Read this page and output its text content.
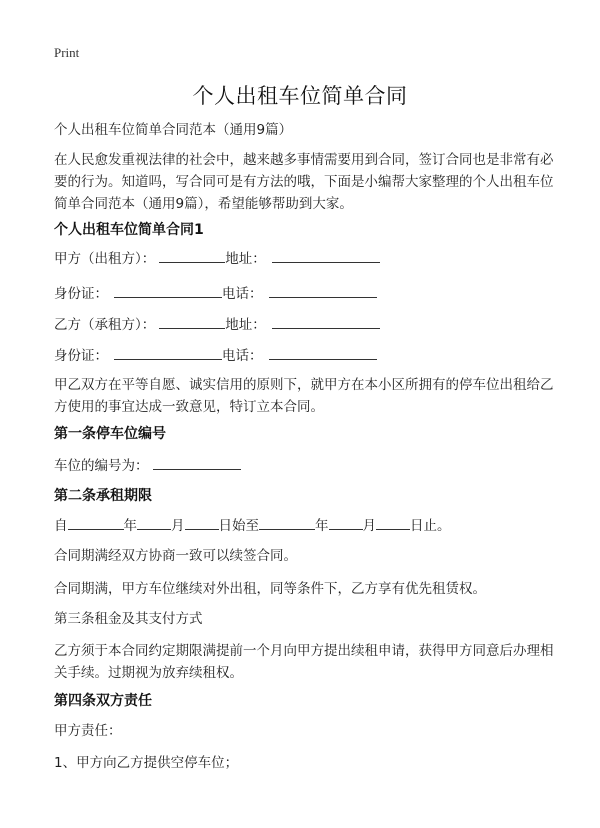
Print
个人出租车位简单合同
个人出租车位简单合同范本（通用9篇）
在人民愈发重视法律的社会中，越来越多事情需要用到合同，签订合同也是非常有必要的行为。知道吗，写合同可是有方法的哦，下面是小编帮大家整理的个人出租车位简单合同范本（通用9篇），希望能够帮助到大家。
个人出租车位简单合同1
甲方（出租方）：	地址：
身份证：	电话：
乙方（承租方）：	地址：
身份证：	电话：
甲乙双方在平等自愿、诚实信用的原则下，就甲方在本小区所拥有的停车位出租给乙方使用的事宜达成一致意见，特订立本合同。
第一条停车位编号
车位的编号为：
第二条承租期限
自	年	月	日始至	年	月	日止。
合同期满经双方协商一致可以续签合同。
合同期满，甲方车位继续对外出租，同等条件下，乙方享有优先租赁权。
第三条租金及其支付方式
乙方须于本合同约定期限满提前一个月向甲方提出续租申请，获得甲方同意后办理相关手续。过期视为放弃续租权。
第四条双方责任
甲方责任：
1、甲方向乙方提供空停车位；
